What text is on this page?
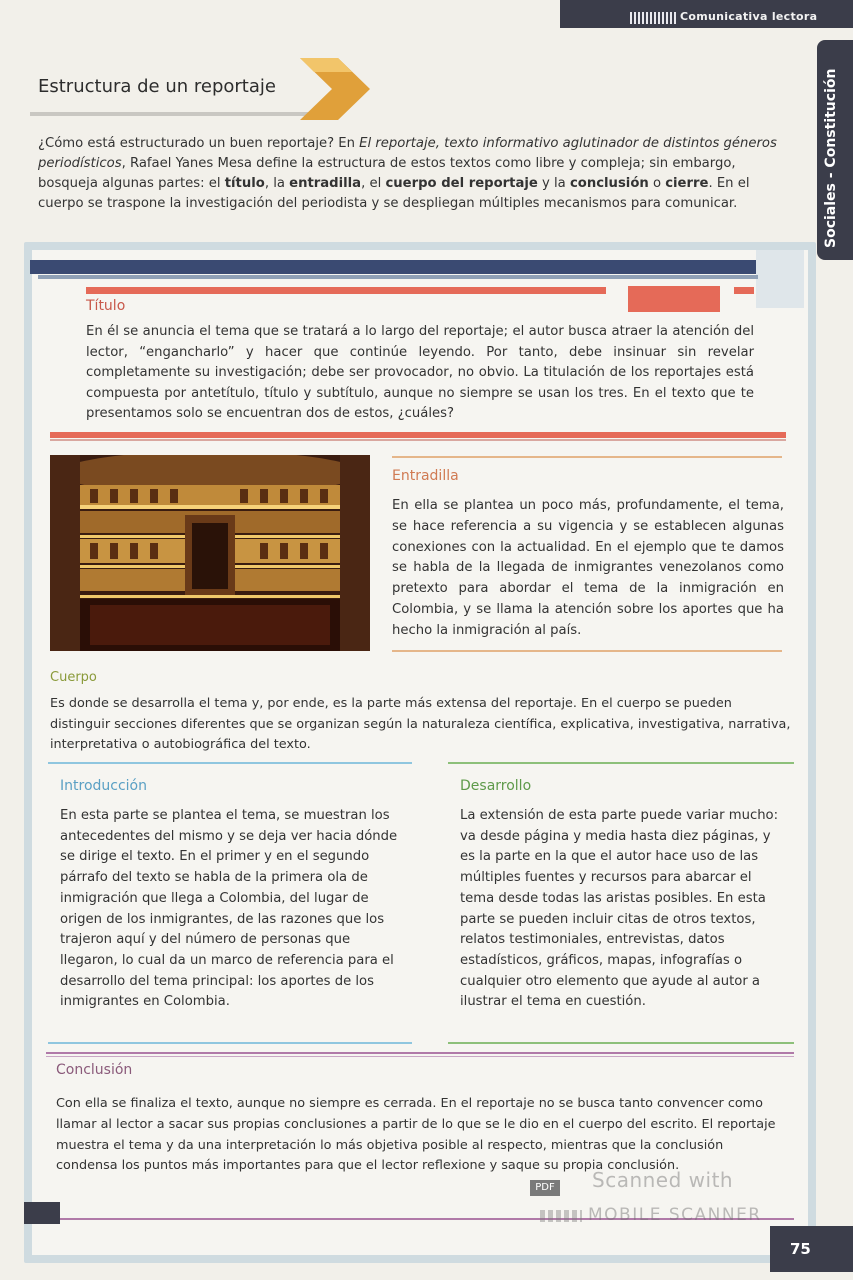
Comunicativa lectora
Sociales - Constitución
Estructura de un reportaje

¿Cómo está estructurado un buen reportaje? En El reportaje, texto informativo aglutinador de distintos géneros periodísticos, Rafael Yanes Mesa define la estructura de estos textos como libre y compleja; sin embargo, bosqueja algunas partes: el título, la entradilla, el cuerpo del reportaje y la conclusión o cierre. En el cuerpo se traspone la investigación del periodista y se despliegan múltiples mecanismos para comunicar.

Título

En él se anuncia el tema que se tratará a lo largo del reportaje; el autor busca atraer la atención del lector, “engancharlo” y hacer que continúe leyendo. Por tanto, debe insinuar sin revelar completamente su investigación; debe ser provocador, no obvio. La titulación de los reportajes está compuesta por antetítulo, título y subtítulo, aunque no siempre se usan los tres. En el texto que te presentamos solo se encuentran dos de estos, ¿cuáles?

Entradilla

En ella se plantea un poco más, profundamente, el tema, se hace referencia a su vigencia y se establecen algunas conexiones con la actualidad. En el ejemplo que te damos se habla de la llegada de inmigrantes venezolanos como pretexto para abordar el tema de la inmigración en Colombia, y se llama la atención sobre los aportes que ha hecho la inmigración al país.

Cuerpo

Es donde se desarrolla el tema y, por ende, es la parte más extensa del reportaje. En el cuerpo se pueden distinguir secciones diferentes que se organizan según la naturaleza científica, explicativa, investigativa, narrativa, interpretativa o autobiográfica del texto.

Introducción

En esta parte se plantea el tema, se muestran los antecedentes del mismo y se deja ver hacia dónde se dirige el texto. En el primer y en el segundo párrafo del texto se habla de la primera ola de inmigración que llega a Colombia, del lugar de origen de los inmigrantes, de las razones que los trajeron aquí y del número de personas que llegaron, lo cual da un marco de referencia para el desarrollo del tema principal: los aportes de los inmigrantes en Colombia.

Desarrollo

La extensión de esta parte puede variar mucho: va desde página y media hasta diez páginas, y es la parte en la que el autor hace uso de las múltiples fuentes y recursos para abarcar el tema desde todas las aristas posibles. En esta parte se pueden incluir citas de otros textos, relatos testimoniales, entrevistas, datos estadísticos, gráficos, mapas, infografías o cualquier otro elemento que ayude al autor a ilustrar el tema en cuestión.

Conclusión

Con ella se finaliza el texto, aunque no siempre es cerrada. En el reportaje no se busca tanto convencer como llamar al lector a sacar sus propias conclusiones a partir de lo que se le dio en el cuerpo del escrito. El reportaje muestra el tema y da una interpretación lo más objetiva posible al respecto, mientras que la conclusión condensa los puntos más importantes para que el lector reflexione y saque su propia conclusión.

PDF Scanned with
MOBILE SCANNER
75
